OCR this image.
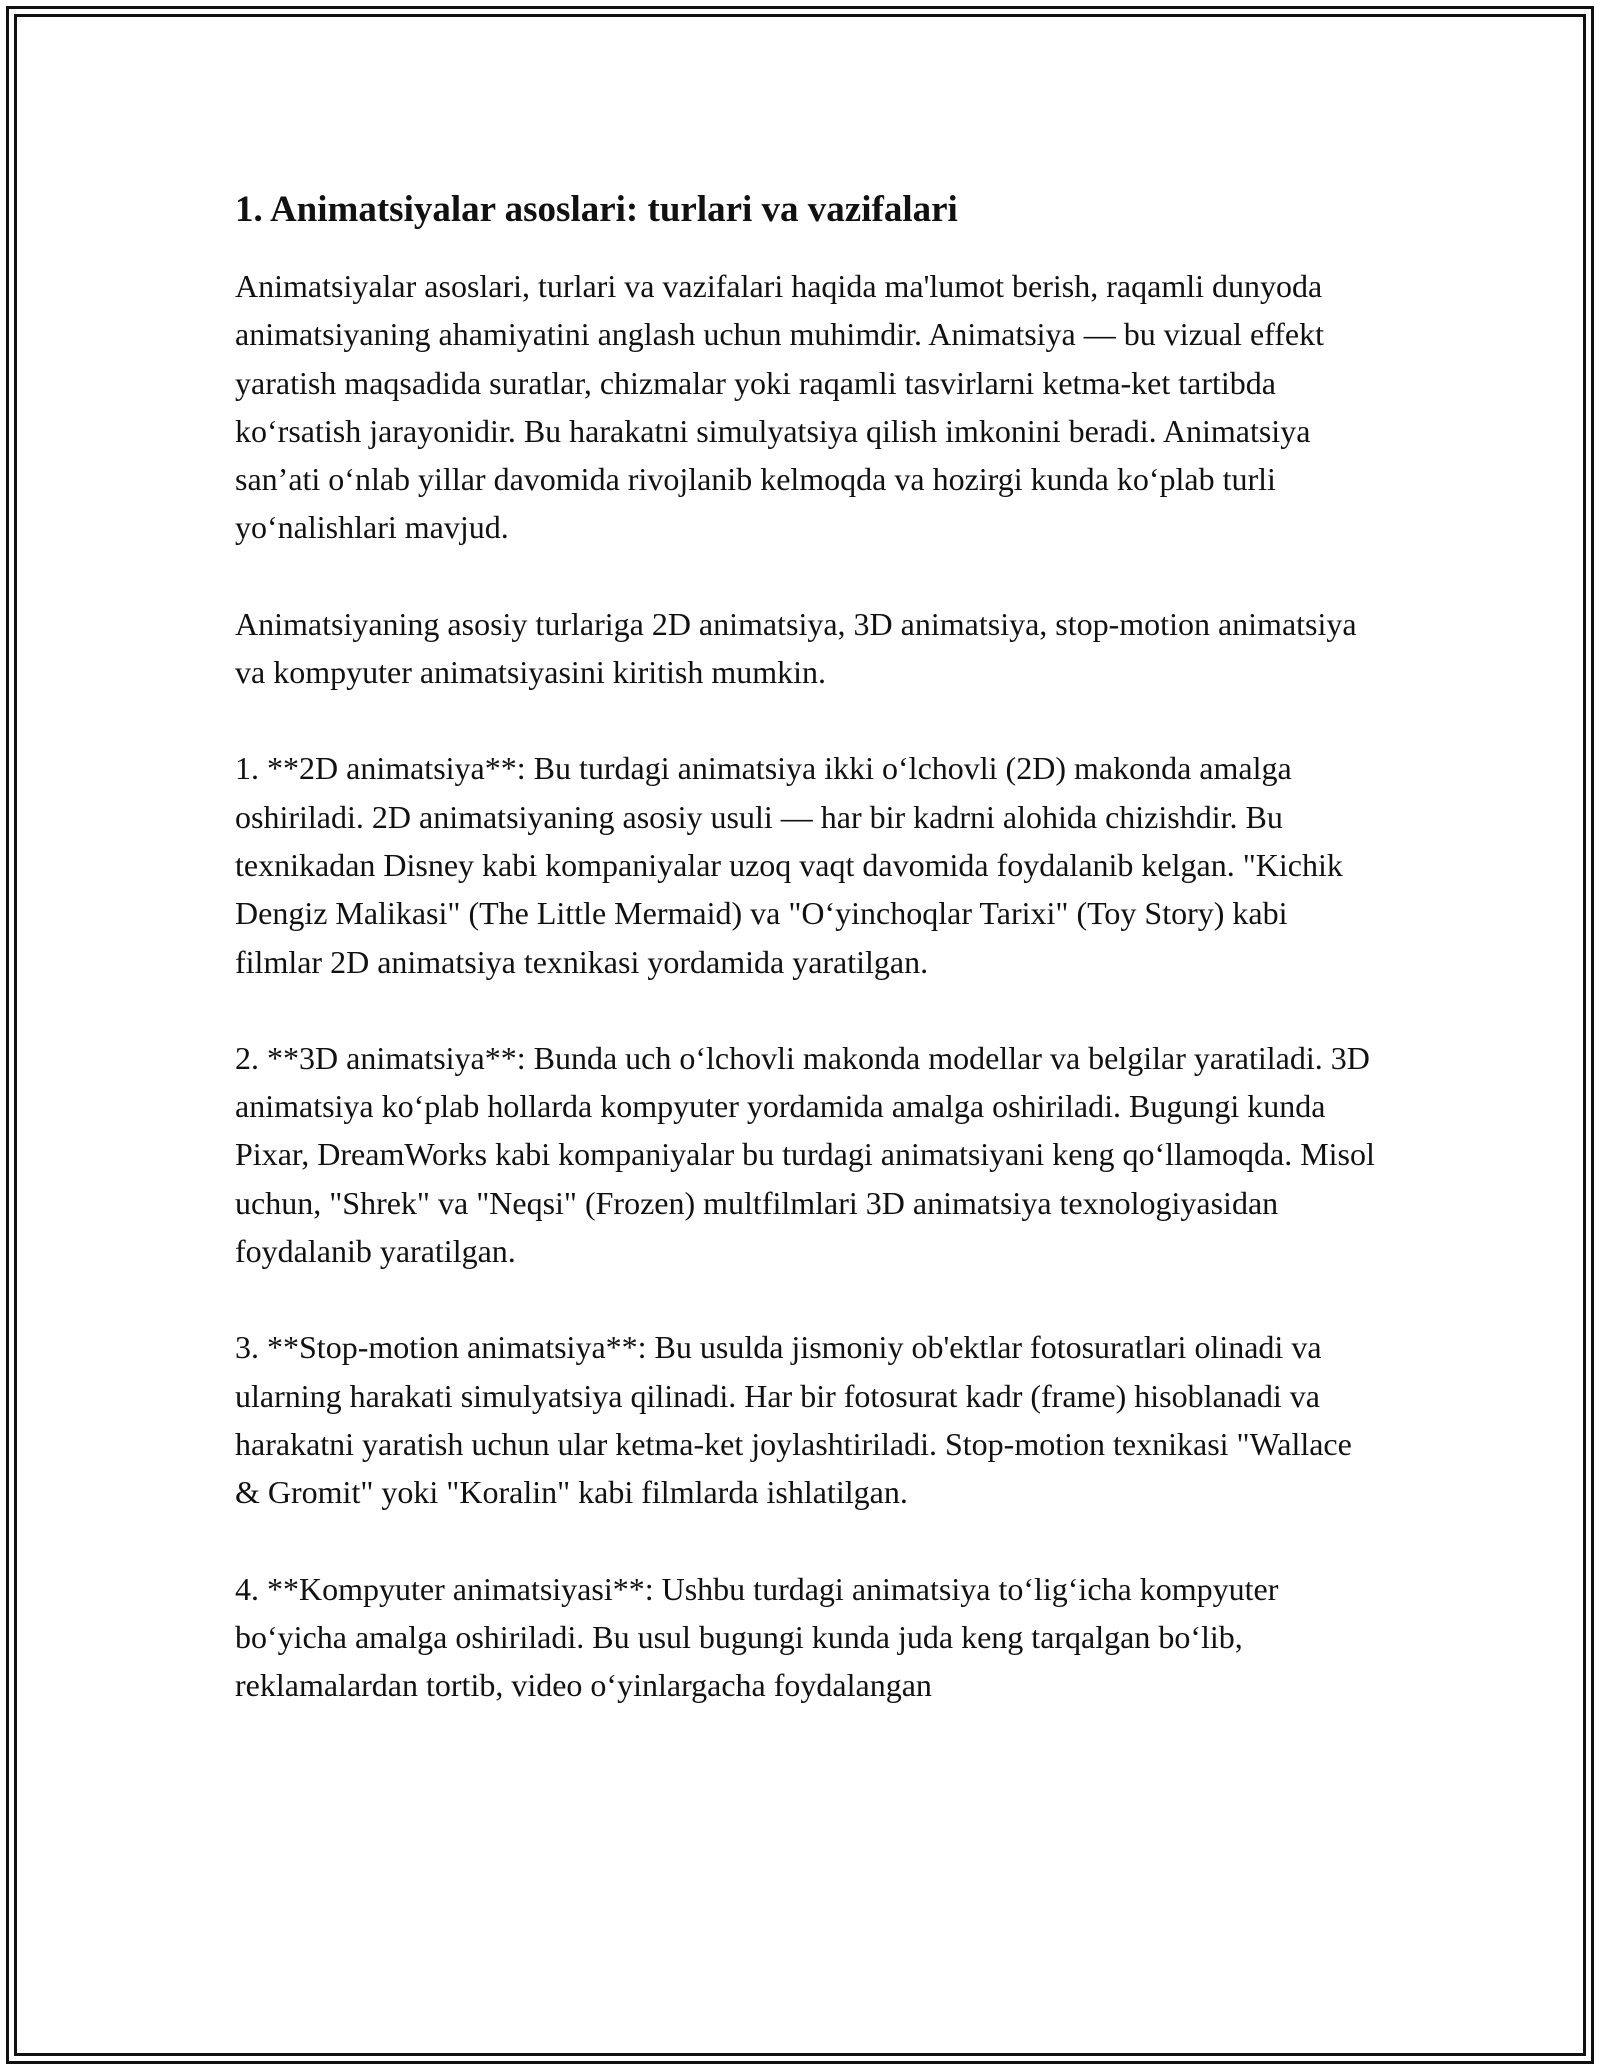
1. Animatsiyalar asoslari: turlari va vazifalari

Animatsiyalar asoslari, turlari va vazifalari haqida ma'lumot berish, raqamli dunyoda animatsiyaning ahamiyatini anglash uchun muhimdir. Animatsiya — bu vizual effekt yaratish maqsadida suratlar, chizmalar yoki raqamli tasvirlarni ketma-ket tartibda ko‘rsatish jarayonidir. Bu harakatni simulyatsiya qilish imkonini beradi. Animatsiya san’ati o‘nlab yillar davomida rivojlanib kelmoqda va hozirgi kunda ko‘plab turli yo‘nalishlari mavjud.

Animatsiyaning asosiy turlariga 2D animatsiya, 3D animatsiya, stop-motion animatsiya va kompyuter animatsiyasini kiritish mumkin.

1. **2D animatsiya**: Bu turdagi animatsiya ikki o‘lchovli (2D) makonda amalga oshiriladi. 2D animatsiyaning asosiy usuli — har bir kadrni alohida chizishdir. Bu texnikadan Disney kabi kompaniyalar uzoq vaqt davomida foydalanib kelgan. "Kichik Dengiz Malikasi" (The Little Mermaid) va "O‘yinchoqlar Tarixi" (Toy Story) kabi filmlar 2D animatsiya texnikasi yordamida yaratilgan.

2. **3D animatsiya**: Bunda uch o‘lchovli makonda modellar va belgilar yaratiladi. 3D animatsiya ko‘plab hollarda kompyuter yordamida amalga oshiriladi. Bugungi kunda Pixar, DreamWorks kabi kompaniyalar bu turdagi animatsiyani keng qo‘llamoqda. Misol uchun, "Shrek" va "Neqsi" (Frozen) multfilmlari 3D animatsiya texnologiyasidan foydalanib yaratilgan.

3. **Stop-motion animatsiya**: Bu usulda jismoniy ob'ektlar fotosuratlari olinadi va ularning harakati simulyatsiya qilinadi. Har bir fotosurat kadr (frame) hisoblanadi va harakatni yaratish uchun ular ketma-ket joylashtiriladi. Stop-motion texnikasi "Wallace & Gromit" yoki "Koralin" kabi filmlarda ishlatilgan.

4. **Kompyuter animatsiyasi**: Ushbu turdagi animatsiya to‘lig‘icha kompyuter bo‘yicha amalga oshiriladi. Bu usul bugungi kunda juda keng tarqalgan bo‘lib, reklamalardan tortib, video o‘yinlargacha foydalangan
